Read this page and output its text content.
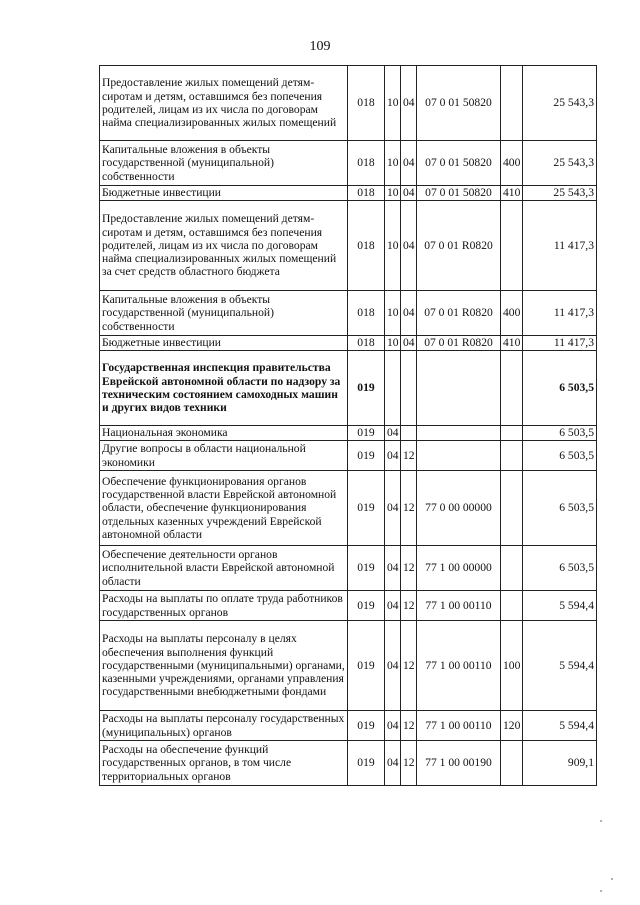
109
Предоставление жилых помещений детям-сиротам и детям, оставшимся без попечения родителей, лицам из их числа по договорам найма специализированных жилых помещений	018	10	04	07 0 01 50820		25 543,3
Капитальные вложения в объекты государственной (муниципальной) собственности	018	10	04	07 0 01 50820	400	25 543,3
Бюджетные инвестиции	018	10	04	07 0 01 50820	410	25 543,3
Предоставление жилых помещений детям-сиротам и детям, оставшимся без попечения родителей, лицам из их числа по договорам найма специализированных жилых помещений за счет средств областного бюджета	018	10	04	07 0 01 R0820		11 417,3
Капитальные вложения в объекты государственной (муниципальной) собственности	018	10	04	07 0 01 R0820	400	11 417,3
Бюджетные инвестиции	018	10	04	07 0 01 R0820	410	11 417,3
Государственная инспекция правительства Еврейской автономной области по надзору за техническим состоянием самоходных машин и других видов техники	019					6 503,5
Национальная экономика	019	04				6 503,5
Другие вопросы в области национальной экономики	019	04	12			6 503,5
Обеспечение функционирования органов государственной власти Еврейской автономной области, обеспечение функционирования отдельных казенных учреждений Еврейской автономной области	019	04	12	77 0 00 00000		6 503,5
Обеспечение деятельности органов исполнительной власти Еврейской автономной области	019	04	12	77 1 00 00000		6 503,5
Расходы на выплаты по оплате труда работников государственных органов	019	04	12	77 1 00 00110		5 594,4
Расходы на выплаты персоналу в целях обеспечения выполнения функций государственными (муниципальными) органами, казенными учреждениями, органами управления государственными внебюджетными фондами	019	04	12	77 1 00 00110	100	5 594,4
Расходы на выплаты персоналу государственных (муниципальных) органов	019	04	12	77 1 00 00110	120	5 594,4
Расходы на обеспечение функций государственных органов, в том числе территориальных органов	019	04	12	77 1 00 00190		909,1
